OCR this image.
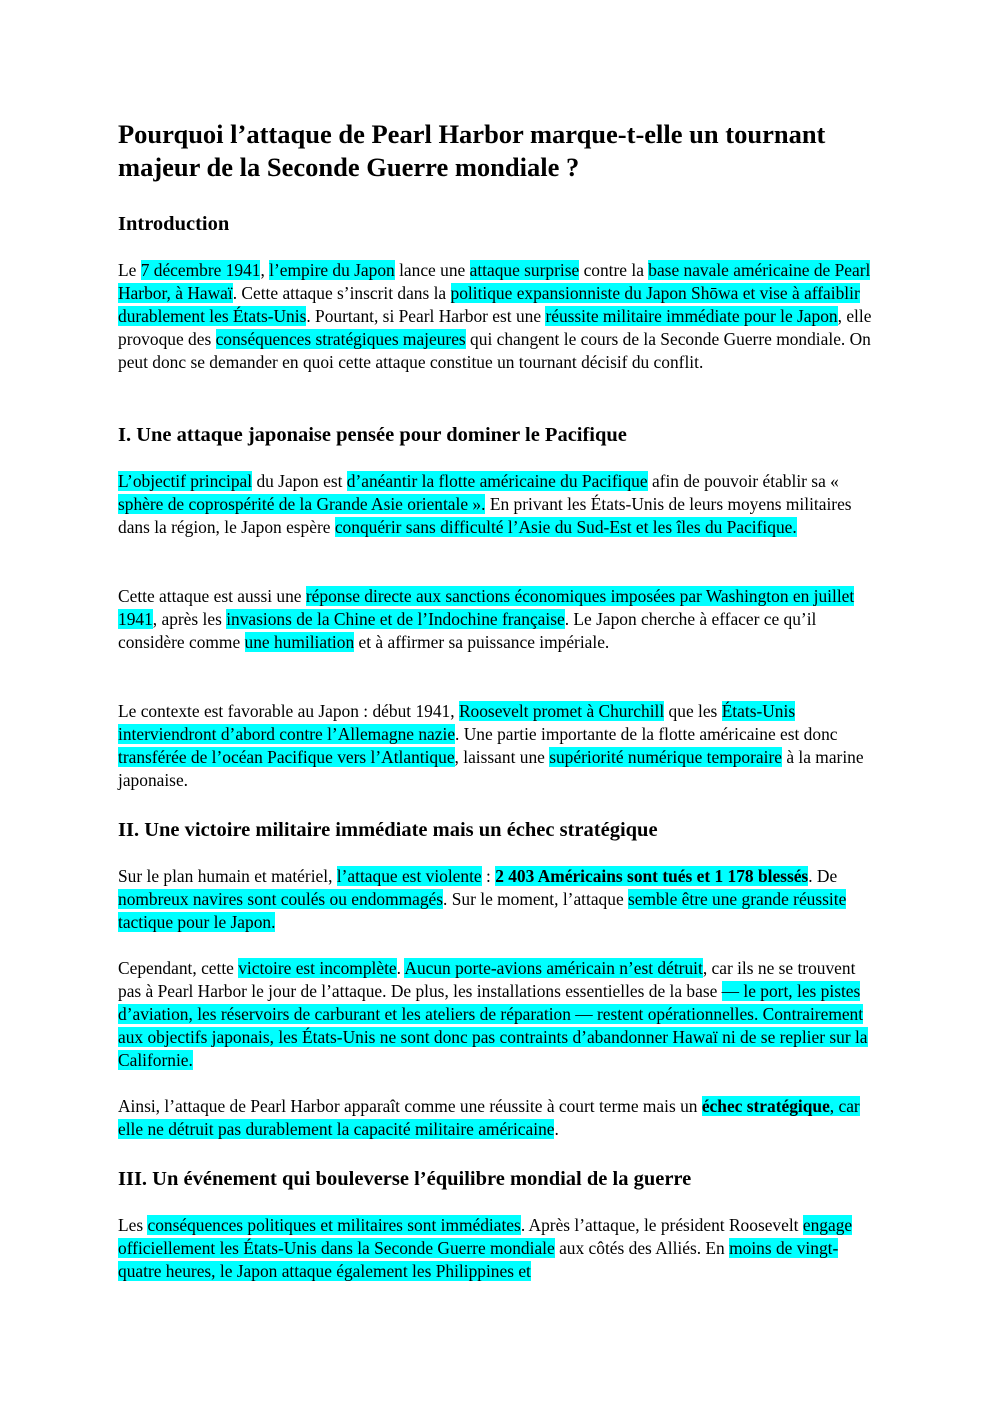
Pourquoi l’attaque de Pearl Harbor marque-t-elle un tournant majeur de la Seconde Guerre mondiale ?
Introduction

Le 7 décembre 1941, l’empire du Japon lance une attaque surprise contre la base navale américaine de Pearl Harbor, à Hawaï. Cette attaque s’inscrit dans la politique expansionniste du Japon Shōwa et vise à affaiblir durablement les États-Unis. Pourtant, si Pearl Harbor est une réussite militaire immédiate pour le Japon, elle provoque des conséquences stratégiques majeures qui changent le cours de la Seconde Guerre mondiale. On peut donc se demander en quoi cette attaque constitue un tournant décisif du conflit.

I. Une attaque japonaise pensée pour dominer le Pacifique

L’objectif principal du Japon est d’anéantir la flotte américaine du Pacifique afin de pouvoir établir sa « sphère de coprospérité de la Grande Asie orientale ». En privant les États-Unis de leurs moyens militaires dans la région, le Japon espère conquérir sans difficulté l’Asie du Sud-Est et les îles du Pacifique.

Cette attaque est aussi une réponse directe aux sanctions économiques imposées par Washington en juillet 1941, après les invasions de la Chine et de l’Indochine française. Le Japon cherche à effacer ce qu’il considère comme une humiliation et à affirmer sa puissance impériale.

Le contexte est favorable au Japon : début 1941, Roosevelt promet à Churchill que les États-Unis interviendront d’abord contre l’Allemagne nazie. Une partie importante de la flotte américaine est donc transférée de l’océan Pacifique vers l’Atlantique, laissant une supériorité numérique temporaire à la marine japonaise.

II. Une victoire militaire immédiate mais un échec stratégique

Sur le plan humain et matériel, l’attaque est violente : 2 403 Américains sont tués et 1 178 blessés. De nombreux navires sont coulés ou endommagés. Sur le moment, l’attaque semble être une grande réussite tactique pour le Japon.

Cependant, cette victoire est incomplète. Aucun porte-avions américain n’est détruit, car ils ne se trouvent pas à Pearl Harbor le jour de l’attaque. De plus, les installations essentielles de la base — le port, les pistes d’aviation, les réservoirs de carburant et les ateliers de réparation — restent opérationnelles. Contrairement aux objectifs japonais, les États-Unis ne sont donc pas contraints d’abandonner Hawaï ni de se replier sur la Californie.

Ainsi, l’attaque de Pearl Harbor apparaît comme une réussite à court terme mais un échec stratégique, car elle ne détruit pas durablement la capacité militaire américaine.

III. Un événement qui bouleverse l’équilibre mondial de la guerre

Les conséquences politiques et militaires sont immédiates. Après l’attaque, le président Roosevelt engage officiellement les États-Unis dans la Seconde Guerre mondiale aux côtés des Alliés. En moins de vingt-quatre heures, le Japon attaque également les Philippines et
